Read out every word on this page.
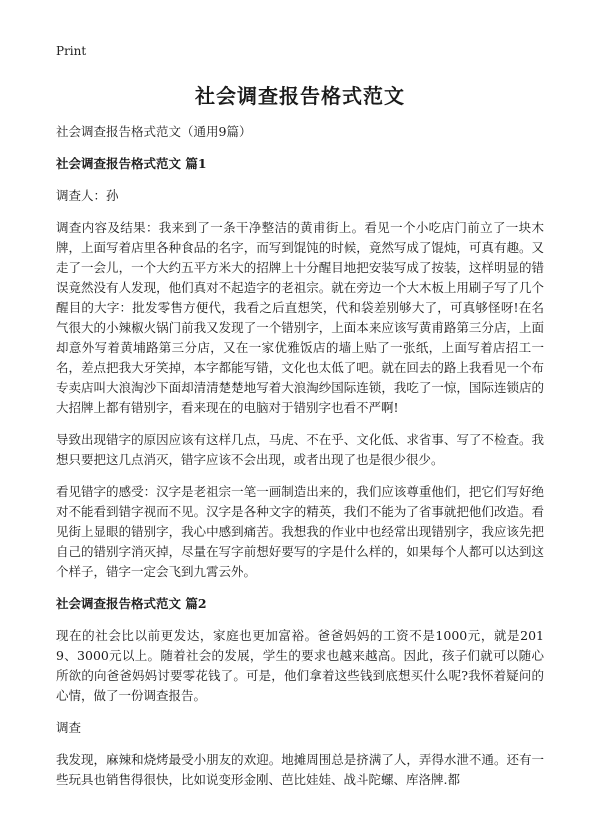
Print
社会调查报告格式范文

社会调查报告格式范文（通用9篇）

社会调查报告格式范文 篇1

调查人：孙

调查内容及结果：我来到了一条干净整洁的黄甫街上。看见一个小吃店门前立了一块木牌，上面写着店里各种食品的名字，而写到馄饨的时候，竟然写成了馄炖，可真有趣。又走了一会儿，一个大约五平方米大的招牌上十分醒目地把安装写成了按装，这样明显的错误竟然没有人发现，他们真对不起造字的老祖宗。就在旁边一个大木板上用刷子写了几个醒目的大字：批发零售方便代，我看之后直想笑，代和袋差别够大了，可真够怪呀!在名气很大的小辣椒火锅门前我又发现了一个错别字，上面本来应该写黄甫路第三分店，上面却意外写着黄埔路第三分店，又在一家优雅饭店的墙上贴了一张纸，上面写着店招工一名，差点把我大牙笑掉，本字都能写错，文化也太低了吧。就在回去的路上我看见一个布专卖店叫大浪淘沙下面却清清楚楚地写着大浪淘纱国际连锁，我吃了一惊，国际连锁店的大招牌上都有错别字，看来现在的电脑对于错别字也看不严啊!

导致出现错字的原因应该有这样几点，马虎、不在乎、文化低、求省事、写了不检查。我想只要把这几点消灭，错字应该不会出现，或者出现了也是很少很少。

看见错字的感受：汉字是老祖宗一笔一画制造出来的，我们应该尊重他们，把它们写好绝对不能看到错字视而不见。汉字是各种文字的精英，我们不能为了省事就把他们改造。看见街上显眼的错别字，我心中感到痛苦。我想我的作业中也经常出现错别字，我应该先把自己的错别字消灭掉，尽量在写字前想好要写的字是什么样的，如果每个人都可以达到这个样子，错字一定会飞到九霄云外。

社会调查报告格式范文 篇2

现在的社会比以前更发达，家庭也更加富裕。爸爸妈妈的工资不是1000元，就是2019、3000元以上。随着社会的发展，学生的要求也越来越高。因此，孩子们就可以随心所欲的向爸爸妈妈讨要零花钱了。可是，他们拿着这些钱到底想买什么呢?我怀着疑问的心情，做了一份调查报告。

调查

我发现，麻辣和烧烤最受小朋友的欢迎。地摊周围总是挤满了人，弄得水泄不通。还有一些玩具也销售得很快，比如说变形金刚、芭比娃娃、战斗陀螺、库洛牌.都
